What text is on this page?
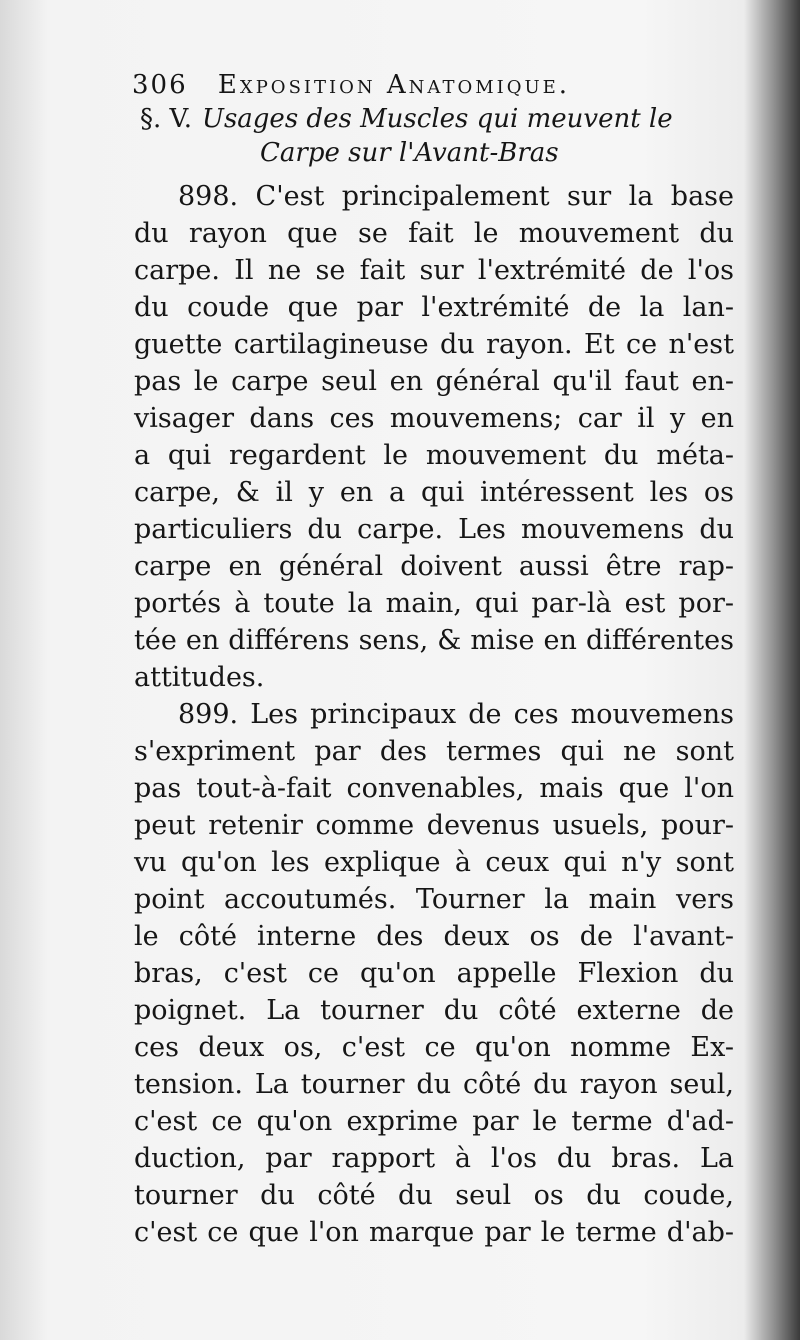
306 Exposition Anatomique.
§. V. Usages des Muscles qui meuvent le
Carpe sur l'Avant-Bras
898. C'est principalement sur la base
du rayon que se fait le mouvement du
carpe. Il ne se fait sur l'extrémité de l'os
du coude que par l'extrémité de la lan-
guette cartilagineuse du rayon. Et ce n'est
pas le carpe seul en général qu'il faut en-
visager dans ces mouvemens; car il y en
a qui regardent le mouvement du méta-
carpe, & il y en a qui intéressent les os
particuliers du carpe. Les mouvemens du
carpe en général doivent aussi être rap-
portés à toute la main, qui par-là est por-
tée en différens sens, & mise en différentes
attitudes.
899. Les principaux de ces mouvemens
s'expriment par des termes qui ne sont
pas tout-à-fait convenables, mais que l'on
peut retenir comme devenus usuels, pour-
vu qu'on les explique à ceux qui n'y sont
point accoutumés. Tourner la main vers
le côté interne des deux os de l'avant-
bras, c'est ce qu'on appelle Flexion du
poignet. La tourner du côté externe de
ces deux os, c'est ce qu'on nomme Ex-
tension. La tourner du côté du rayon seul,
c'est ce qu'on exprime par le terme d'ad-
duction, par rapport à l'os du bras. La
tourner du côté du seul os du coude,
c'est ce que l'on marque par le terme d'ab-
